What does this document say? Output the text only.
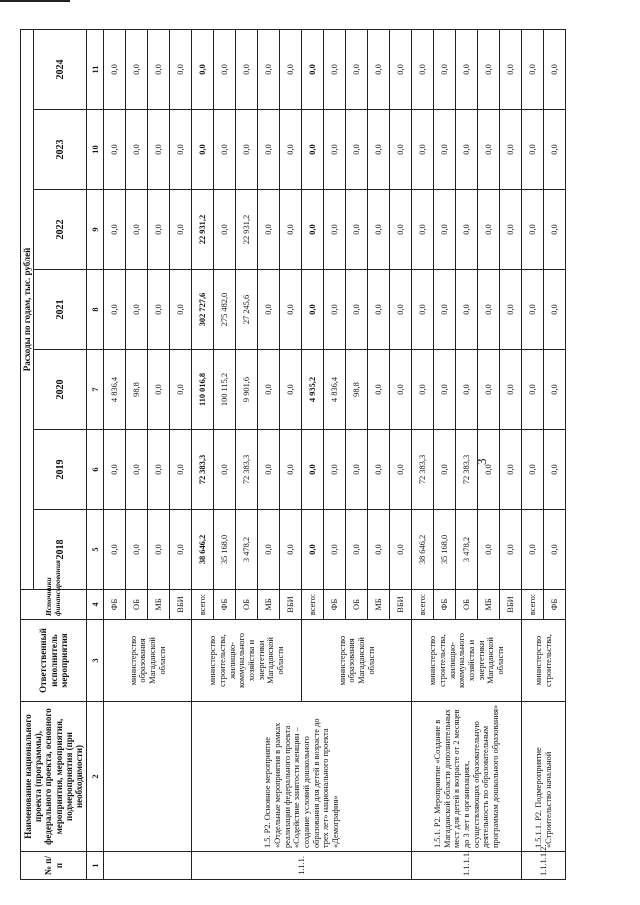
3
№ п/п	Наименование национального проекта (программы), федерального проекта, основного мероприятия, мероприятия, подмероприятия (при необходимости)	Ответственный исполнитель мероприятия	Источники финансирования	Расходы по годам, тыс. рублей						
				2018	2019	2020	2021	2022	2023	2024
1	2	3	4	5	6	7	8	9	10	11
		министерство образования Магаданской области	ФБ	0,0	0,0	4 836,4	0,0	0,0	0,0	0,0
			ОБ	0,0	0,0	98,8	0,0	0,0	0,0	0,0
			МБ	0,0	0,0	0,0	0,0	0,0	0,0	0,0
			ВБИ	0,0	0,0	0,0	0,0	0,0	0,0	0,0
1.1.1.	1.5. Р2. Основное мероприятие «Отдельные мероприятия в рамках реализации федерального проекта «Содействие занятости женщин – создание условий дошкольного образования для детей в возрасте до трех лет» национального проекта «Демография»	министерство строительства, жилищно-коммунального хозяйства и энергетики Магаданской области	всего:	38 646,2	72 383,3	110 016,8	302 727,6	22 931,2	0,0	0,0
			ФБ	35 168,0	0,0	100 115,2	275 482,0	0,0	0,0	0,0
			ОБ	3 478,2	72 383,3	9 901,6	27 245,6	22 931,2	0,0	0,0
			МБ	0,0	0,0	0,0	0,0	0,0	0,0	0,0
			ВБИ	0,0	0,0	0,0	0,0	0,0	0,0	0,0
		министерство образования Магаданской области	всего:	0,0	0,0	4 935,2	0,0	0,0	0,0	0,0
			ФБ	0,0	0,0	4 836,4	0,0	0,0	0,0	0,0
			ОБ	0,0	0,0	98,8	0,0	0,0	0,0	0,0
			МБ	0,0	0,0	0,0	0,0	0,0	0,0	0,0
			ВБИ	0,0	0,0	0,0	0,0	0,0	0,0	0,0
1.1.1.1.	1.5.1. Р2. Мероприятие «Создание в Магаданской области дополнительных мест для детей в возрасте от 2 месяцев до 3 лет в организациях, осуществляющих образовательную деятельность по образовательным программам дошкольного образования»	министерство строительства, жилищно-коммунального хозяйства и энергетики Магаданской области	всего:	38 646,2	72 383,3	0,0	0,0	0,0	0,0	0,0
			ФБ	35 168,0	0,0	0,0	0,0	0,0	0,0	0,0
			ОБ	3 478,2	72 383,3	0,0	0,0	0,0	0,0	0,0
			МБ	0,0	0,0	0,0	0,0	0,0	0,0	0,0
			ВБИ	0,0	0,0	0,0	0,0	0,0	0,0	0,0
1.1.1.1.2.	1.5.1.1. Р2. Подмероприятие «Строительство начальной	министерство строительства,	всего:	0,0	0,0	0,0	0,0	0,0	0,0	0,0
			ФБ	0,0	0,0	0,0	0,0	0,0	0,0	0,0
